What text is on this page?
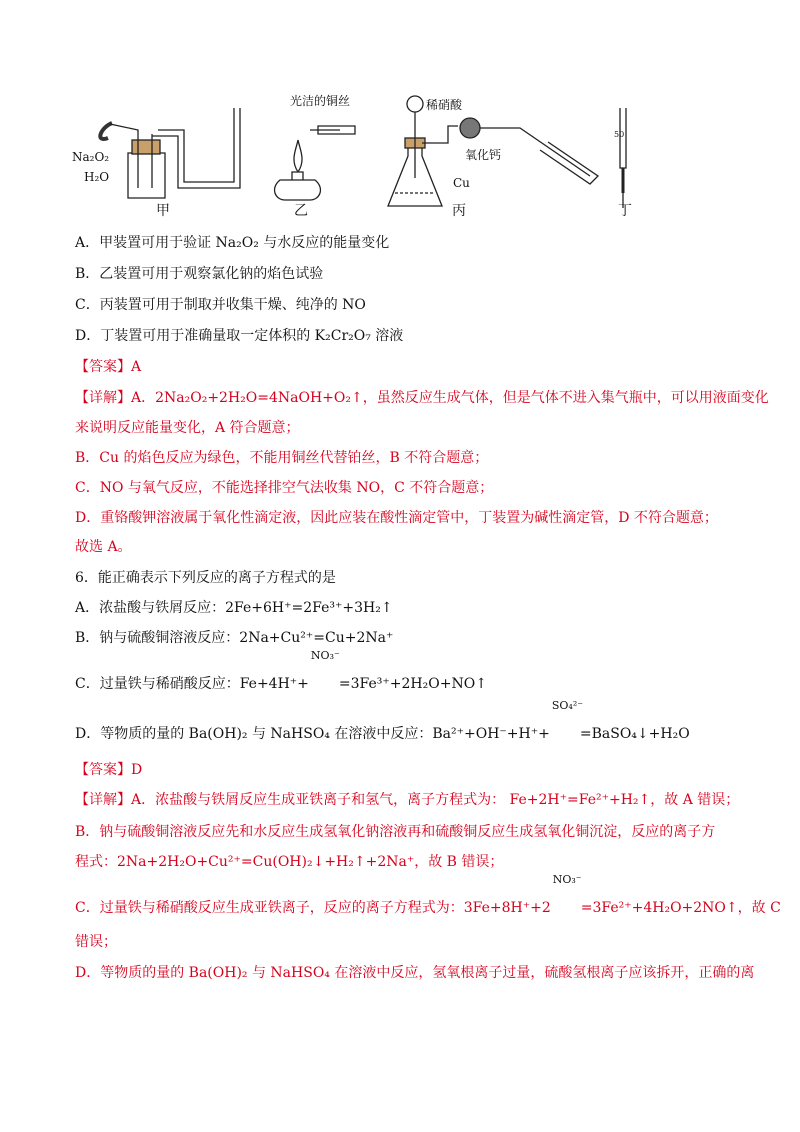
Na₂O₂
H₂O
光洁的铜丝	稀硝酸
氧化钙
Cu
50
甲	乙	丙	丁
A．甲装置可用于验证 Na₂O₂ 与水反应的能量变化
B．乙装置可用于观察氯化钠的焰色试验
C．丙装置可用于制取并收集干燥、纯净的 NO
D．丁装置可用于准确量取一定体积的 K₂Cr₂O₇ 溶液
【答案】A
【详解】A．2Na₂O₂+2H₂O=4NaOH+O₂↑，虽然反应生成气体，但是气体不进入集气瓶中，可以用液面变化
来说明反应能量变化，A 符合题意；
B．Cu 的焰色反应为绿色，不能用铜丝代替铂丝，B 不符合题意；
C．NO 与氧气反应，不能选择排空气法收集 NO，C 不符合题意；
D．重铬酸钾溶液属于氧化性滴定液，因此应装在酸性滴定管中，丁装置为碱性滴定管，D 不符合题意；
故选 A。
6．能正确表示下列反应的离子方程式的是
A．浓盐酸与铁屑反应：2Fe+6H⁺=2Fe³⁺+3H₂↑
B．钠与硫酸铜溶液反应：2Na+Cu²⁺=Cu+2Na⁺
C．过量铁与稀硝酸反应：Fe+4H⁺+
NO₃⁻
=3Fe³⁺+2H₂O+NO↑
D．等物质的量的 Ba(OH)₂ 与 NaHSO₄ 在溶液中反应：Ba²⁺+OH⁻+H⁺+
SO₄²⁻
=BaSO₄↓+H₂O
【答案】D
【详解】A．浓盐酸与铁屑反应生成亚铁离子和氢气，离子方程式为： Fe+2H⁺=Fe²⁺+H₂↑，故 A 错误；
B．钠与硫酸铜溶液反应先和水反应生成氢氧化钠溶液再和硫酸铜反应生成氢氧化铜沉淀，反应的离子方
程式：2Na+2H₂O+Cu²⁺=Cu(OH)₂↓+H₂↑+2Na⁺，故 B 错误；
C．过量铁与稀硝酸反应生成亚铁离子，反应的离子方程式为：3Fe+8H⁺+2
NO₃⁻
=3Fe²⁺+4H₂O+2NO↑，故 C
错误；
D．等物质的量的 Ba(OH)₂ 与 NaHSO₄ 在溶液中反应，氢氧根离子过量，硫酸氢根离子应该拆开，正确的离
